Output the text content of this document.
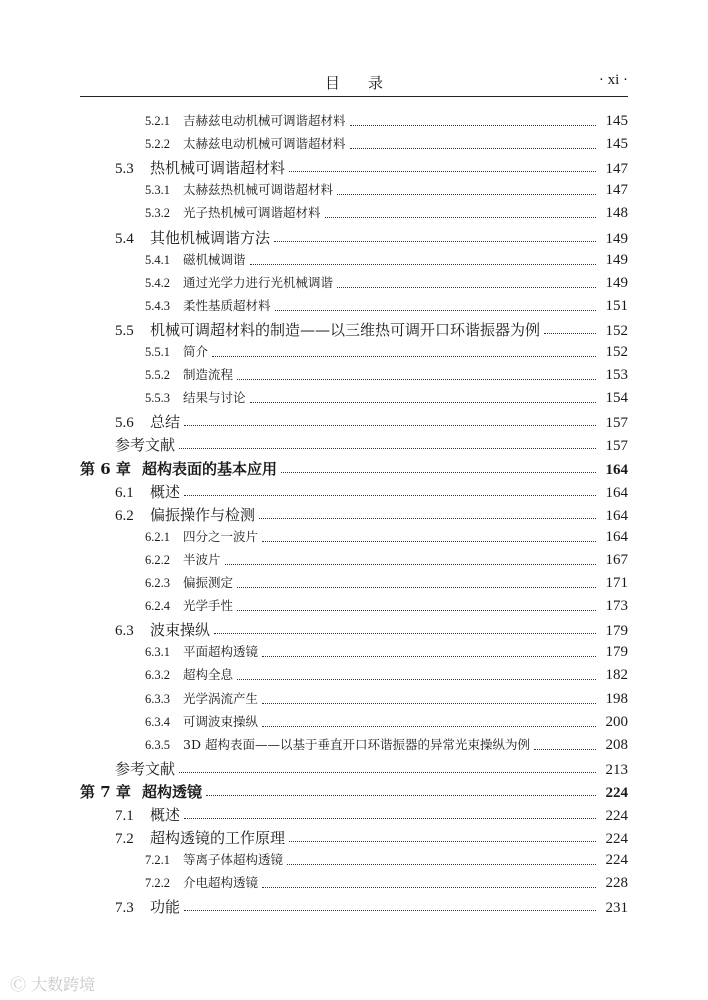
目录	· xi ·
5.2.1	吉赫兹电动机械可调谐超材料	145
5.2.2	太赫兹电动机械可调谐超材料	145
5.3	热机械可调谐超材料	147
5.3.1	太赫兹热机械可调谐超材料	147
5.3.2	光子热机械可调谐超材料	148
5.4	其他机械调谐方法	149
5.4.1	磁机械调谐	149
5.4.2	通过光学力进行光机械调谐	149
5.4.3	柔性基质超材料	151
5.5	机械可调超材料的制造——以三维热可调开口环谐振器为例	152
5.5.1	简介	152
5.5.2	制造流程	153
5.5.3	结果与讨论	154
5.6	总结	157
参考文献	157
第 6 章 超构表面的基本应用	164
6.1	概述	164
6.2	偏振操作与检测	164
6.2.1	四分之一波片	164
6.2.2	半波片	167
6.2.3	偏振测定	171
6.2.4	光学手性	173
6.3	波束操纵	179
6.3.1	平面超构透镜	179
6.3.2	超构全息	182
6.3.3	光学涡流产生	198
6.3.4	可调波束操纵	200
6.3.5	3D 超构表面——以基于垂直开口环谐振器的异常光束操纵为例	208
参考文献	213
第 7 章 超构透镜	224
7.1	概述	224
7.2	超构透镜的工作原理	224
7.2.1	等离子体超构透镜	224
7.2.2	介电超构透镜	228
7.3	功能	231
Ⓒ 大数跨境
